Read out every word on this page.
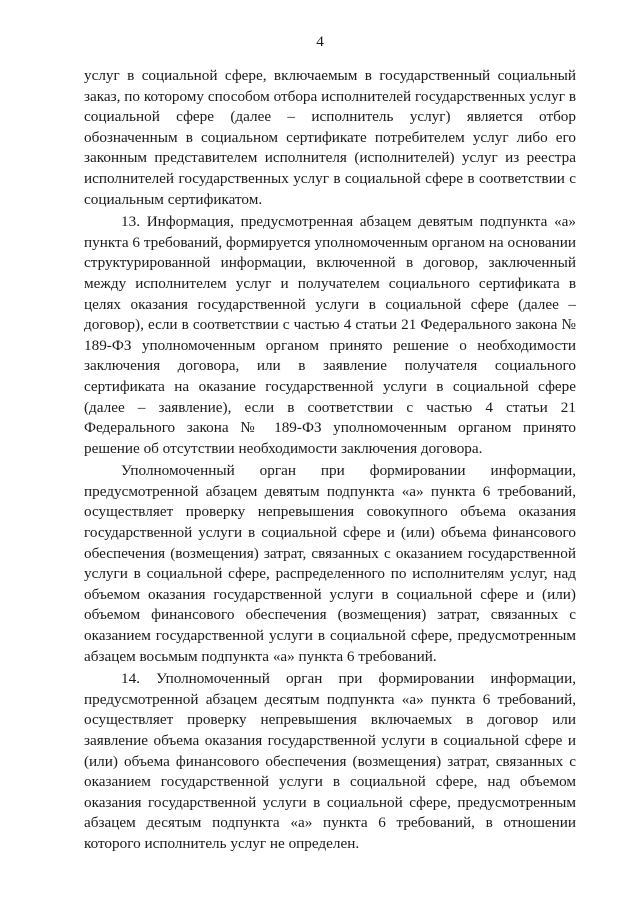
4

услуг в социальной сфере, включаемым в государственный социальный заказ, по которому способом отбора исполнителей государственных услуг в социальной сфере (далее – исполнитель услуг) является отбор обозначенным в социальном сертификате потребителем услуг либо его законным представителем исполнителя (исполнителей) услуг из реестра исполнителей государственных услуг в социальной сфере в соответствии с социальным сертификатом.

13. Информация, предусмотренная абзацем девятым подпункта «а» пункта 6 требований, формируется уполномоченным органом на основании структурированной информации, включенной в договор, заключенный между исполнителем услуг и получателем социального сертификата в целях оказания государственной услуги в социальной сфере (далее – договор), если в соответствии с частью 4 статьи 21 Федерального закона № 189-ФЗ уполномоченным органом принято решение о необходимости заключения договора, или в заявление получателя социального сертификата на оказание государственной услуги в социальной сфере (далее – заявление), если в соответствии с частью 4 статьи 21 Федерального закона № 189-ФЗ уполномоченным органом принято решение об отсутствии необходимости заключения договора.

Уполномоченный орган при формировании информации, предусмотренной абзацем девятым подпункта «а» пункта 6 требований, осуществляет проверку непревышения совокупного объема оказания государственной услуги в социальной сфере и (или) объема финансового обеспечения (возмещения) затрат, связанных с оказанием государственной услуги в социальной сфере, распределенного по исполнителям услуг, над объемом оказания государственной услуги в социальной сфере и (или) объемом финансового обеспечения (возмещения) затрат, связанных с оказанием государственной услуги в социальной сфере, предусмотренным абзацем восьмым подпункта «а» пункта 6 требований.

14. Уполномоченный орган при формировании информации, предусмотренной абзацем десятым подпункта «а» пункта 6 требований, осуществляет проверку непревышения включаемых в договор или заявление объема оказания государственной услуги в социальной сфере и (или) объема финансового обеспечения (возмещения) затрат, связанных с оказанием государственной услуги в социальной сфере, над объемом оказания государственной услуги в социальной сфере, предусмотренным абзацем десятым подпункта «а» пункта 6 требований, в отношении которого исполнитель услуг не определен.
